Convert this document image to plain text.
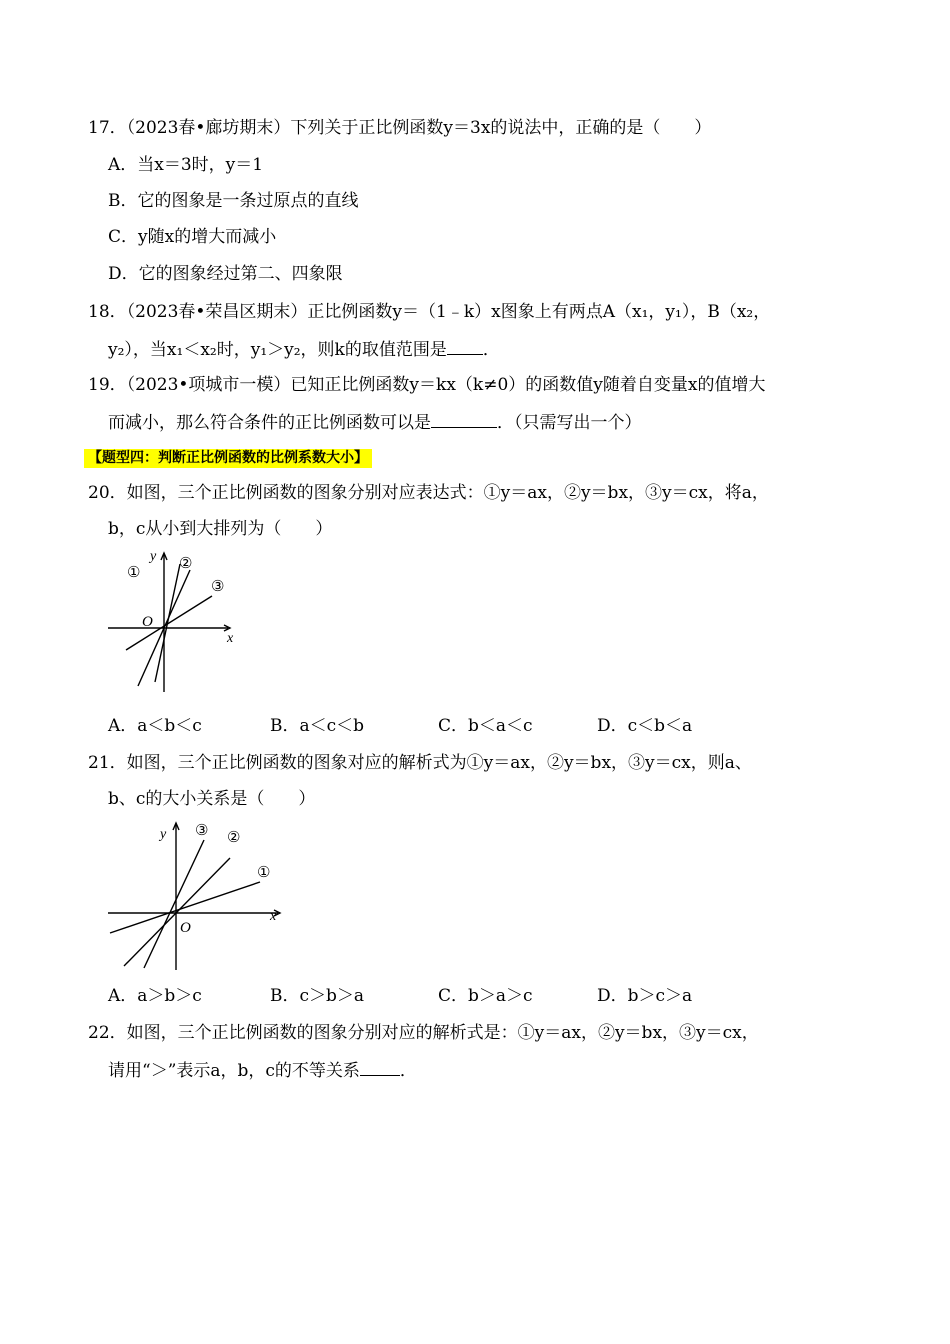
17．（2023春•廊坊期末）下列关于正比例函数y＝3x的说法中，正确的是（　　）
A．当x＝3时，y＝1
B．它的图象是一条过原点的直线
C．y随x的增大而减小
D．它的图象经过第二、四象限
18．（2023春•荣昌区期末）正比例函数y＝（1﹣k）x图象上有两点A（x₁，y₁），B（x₂，
y₂），当x₁＜x₂时，y₁＞y₂，则k的取值范围是 ．
19．（2023•项城市一模）已知正比例函数y＝kx（k≠0）的函数值y随着自变量x的值增大
而减小，那么符合条件的正比例函数可以是	．（只需写出一个）
【题型四：判断正比例函数的比例系数大小】
20．如图，三个正比例函数的图象分别对应表达式：①y＝ax，②y＝bx，③y＝cx，将a，
b，c从小到大排列为（　　）
y
x
O
①
②
③
A．a＜b＜c	B．a＜c＜b	C．b＜a＜c	D．c＜b＜a
21．如图，三个正比例函数的图象对应的解析式为①y＝ax，②y＝bx，③y＝cx，则a、
b、c的大小关系是（　　）
y
x
O
①
②
③
A．a＞b＞c	B．c＞b＞a	C．b＞a＞c	D．b＞c＞a
22．如图，三个正比例函数的图象分别对应的解析式是：①y＝ax，②y＝bx，③y＝cx，
请用“＞”表示a，b，c的不等关系 ．
